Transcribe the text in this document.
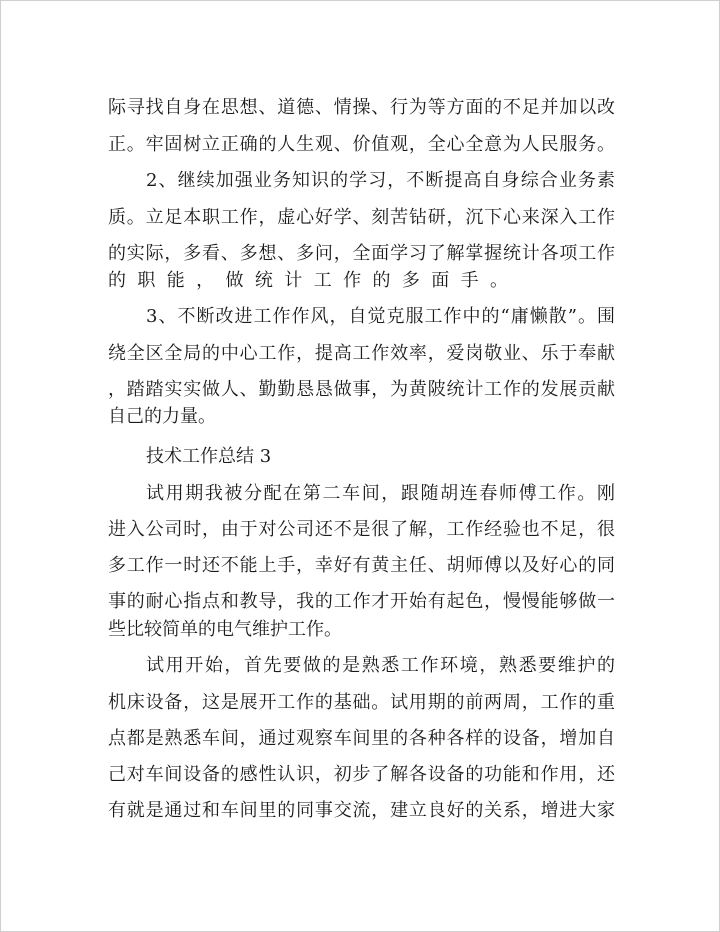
际寻找自身在思想、道德、情操、行为等方面的不足并加以改
正。牢固树立正确的人生观、价值观，全心全意为人民服务。
2、继续加强业务知识的学习，不断提高自身综合业务素
质。立足本职工作，虚心好学、刻苦钻研，沉下心来深入工作
的实际，多看、多想、多问，全面学习了解掌握统计各项工作
的职能，做统计工作的多面手。
3、不断改进工作作风，自觉克服工作中的“庸懒散”。围
绕全区全局的中心工作，提高工作效率，爱岗敬业、乐于奉献
，踏踏实实做人、勤勤恳恳做事，为黄陂统计工作的发展贡献
自己的力量。
技术工作总结 3
试用期我被分配在第二车间，跟随胡连春师傅工作。刚
进入公司时，由于对公司还不是很了解，工作经验也不足，很
多工作一时还不能上手，幸好有黄主任、胡师傅以及好心的同
事的耐心指点和教导，我的工作才开始有起色，慢慢能够做一
些比较简单的电气维护工作。
试用开始，首先要做的是熟悉工作环境，熟悉要维护的
机床设备，这是展开工作的基础。试用期的前两周，工作的重
点都是熟悉车间，通过观察车间里的各种各样的设备，增加自
己对车间设备的感性认识，初步了解各设备的功能和作用，还
有就是通过和车间里的同事交流，建立良好的关系，增进大家
